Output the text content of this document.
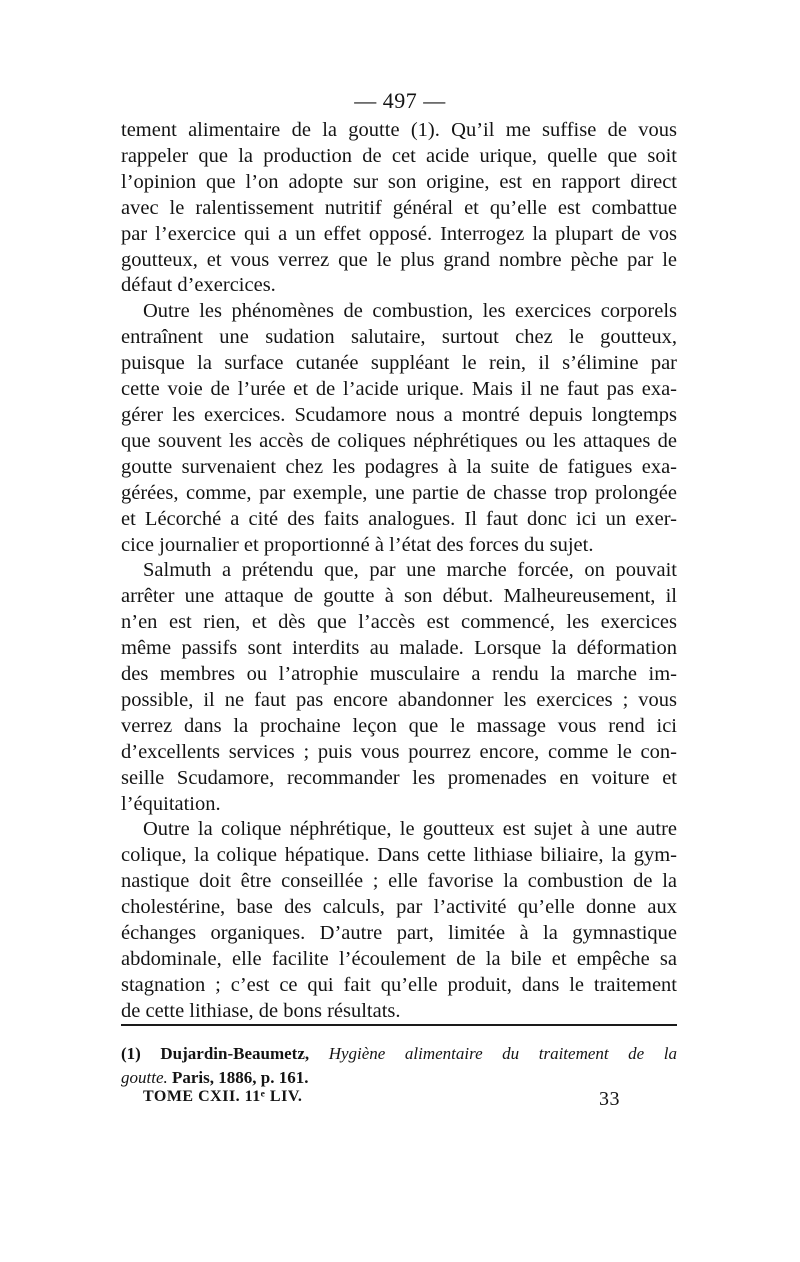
— 497 —

tement alimentaire de la goutte (1). Qu’il me suffise de vous
rappeler que la production de cet acide urique, quelle que soit
l’opinion que l’on adopte sur son origine, est en rapport direct
avec le ralentissement nutritif général et qu’elle est combattue
par l’exercice qui a un effet opposé. Interrogez la plupart de vos
goutteux, et vous verrez que le plus grand nombre pèche par le
défaut d’exercices.

Outre les phénomènes de combustion, les exercices corporels
entraînent une sudation salutaire, surtout chez le goutteux,
puisque la surface cutanée suppléant le rein, il s’élimine par
cette voie de l’urée et de l’acide urique. Mais il ne faut pas exa-
gérer les exercices. Scudamore nous a montré depuis longtemps
que souvent les accès de coliques néphrétiques ou les attaques de
goutte survenaient chez les podagres à la suite de fatigues exa-
gérées, comme, par exemple, une partie de chasse trop prolongée
et Lécorché a cité des faits analogues. Il faut donc ici un exer-
cice journalier et proportionné à l’état des forces du sujet.

Salmuth a prétendu que, par une marche forcée, on pouvait
arrêter une attaque de goutte à son début. Malheureusement, il
n’en est rien, et dès que l’accès est commencé, les exercices
même passifs sont interdits au malade. Lorsque la déformation
des membres ou l’atrophie musculaire a rendu la marche im-
possible, il ne faut pas encore abandonner les exercices ; vous
verrez dans la prochaine leçon que le massage vous rend ici
d’excellents services ; puis vous pourrez encore, comme le con-
seille Scudamore, recommander les promenades en voiture et
l’équitation.

Outre la colique néphrétique, le goutteux est sujet à une autre
colique, la colique hépatique. Dans cette lithiase biliaire, la gym-
nastique doit être conseillée ; elle favorise la combustion de la
cholestérine, base des calculs, par l’activité qu’elle donne aux
échanges organiques. D’autre part, limitée à la gymnastique
abdominale, elle facilite l’écoulement de la bile et empêche sa
stagnation ; c’est ce qui fait qu’elle produit, dans le traitement
de cette lithiase, de bons résultats.

(1) Dujardin-Beaumetz, Hygiène alimentaire du traitement de la
goutte. Paris, 1886, p. 161.
TOME CXII. 11ᵉ LIV.	33
